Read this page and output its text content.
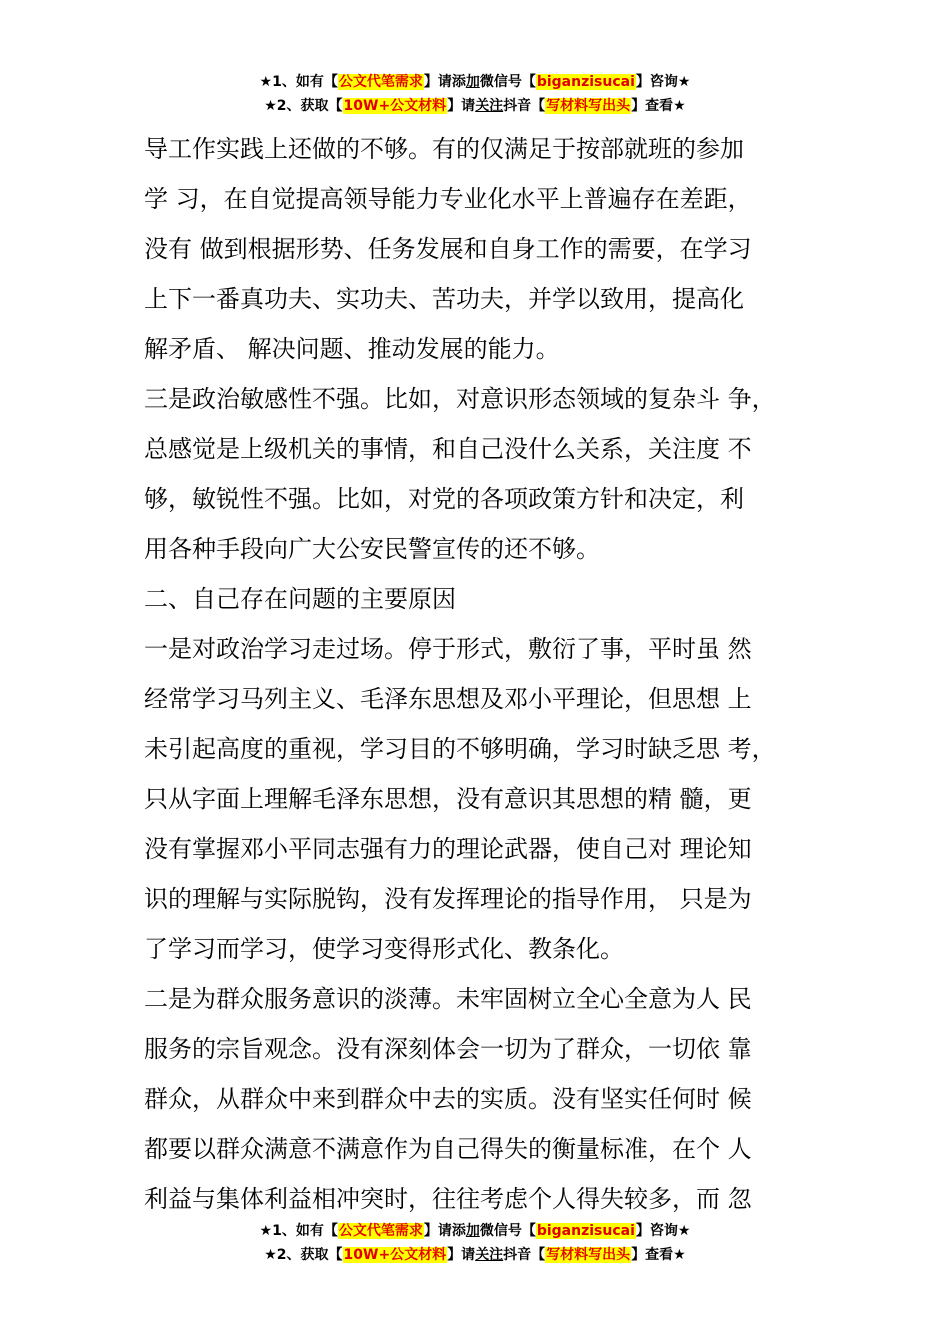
★1、如有【公文代笔需求】请添加微信号【biganzisucai】咨询★
★2、获取【10W+公文材料】请关注抖音【写材料写出头】查看★
导工作实践上还做的不够。有的仅满足于按部就班的参加
学 习，在自觉提高领导能力专业化水平上普遍存在差距，
没有 做到根据形势、任务发展和自身工作的需要，在学习
上下一番真功夫、实功夫、苦功夫，并学以致用，提高化
解矛盾、 解决问题、推动发展的能力。
三是政治敏感性不强。比如，对意识形态领域的复杂斗 争，
总感觉是上级机关的事情，和自己没什么关系，关注度 不
够，敏锐性不强。比如，对党的各项政策方针和决定，利
用各种手段向广大公安民警宣传的还不够。
二、自己存在问题的主要原因
一是对政治学习走过场。停于形式，敷衍了事，平时虽 然
经常学习马列主义、毛泽东思想及邓小平理论，但思想 上
未引起高度的重视，学习目的不够明确，学习时缺乏思 考，
只从字面上理解毛泽东思想，没有意识其思想的精 髓，更
没有掌握邓小平同志强有力的理论武器，使自己对 理论知
识的理解与实际脱钩，没有发挥理论的指导作用， 只是为
了学习而学习，使学习变得形式化、教条化。
二是为群众服务意识的淡薄。未牢固树立全心全意为人 民
服务的宗旨观念。没有深刻体会一切为了群众，一切依 靠
群众，从群众中来到群众中去的实质。没有坚实任何时 候
都要以群众满意不满意作为自己得失的衡量标准，在个 人
利益与集体利益相冲突时，往往考虑个人得失较多，而 忽
★1、如有【公文代笔需求】请添加微信号【biganzisucai】咨询★
★2、获取【10W+公文材料】请关注抖音【写材料写出头】查看★
